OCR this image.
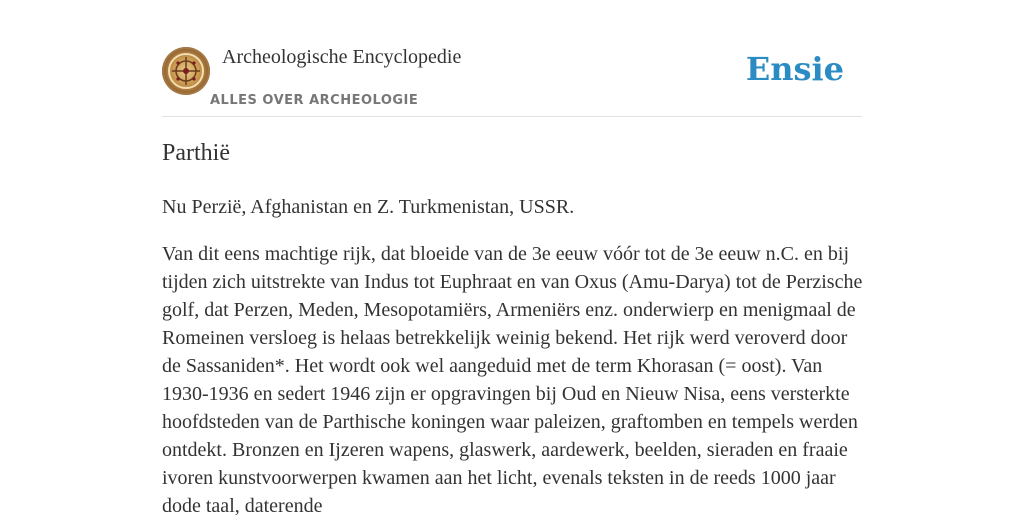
Archeologische Encyclopedie
ALLES OVER ARCHEOLOGIE
Ensie
Parthië

Nu Perzië, Afghanistan en Z. Turkmenistan, USSR.

Van dit eens machtige rijk, dat bloeide van de 3e eeuw vóór tot de 3e eeuw n.C. en bij tijden zich uitstrekte van Indus tot Euphraat en van Oxus (Amu-Darya) tot de Perzische golf, dat Perzen, Meden, Mesopotamiërs, Armeniërs enz. onderwierp en menigmaal de Romeinen versloeg is helaas betrekkelijk weinig bekend. Het rijk werd veroverd door de Sassaniden*. Het wordt ook wel aangeduid met de term Khorasan (= oost). Van 1930-1936 en sedert 1946 zijn er opgravingen bij Oud en Nieuw Nisa, eens versterkte hoofdsteden van de Parthische koningen waar paleizen, graftomben en tempels werden ontdekt. Bronzen en Ijzeren wapens, glaswerk, aardewerk, beelden, sieraden en fraaie ivoren kunstvoorwerpen kwamen aan het licht, evenals teksten in de reeds 1000 jaar dode taal, daterende
